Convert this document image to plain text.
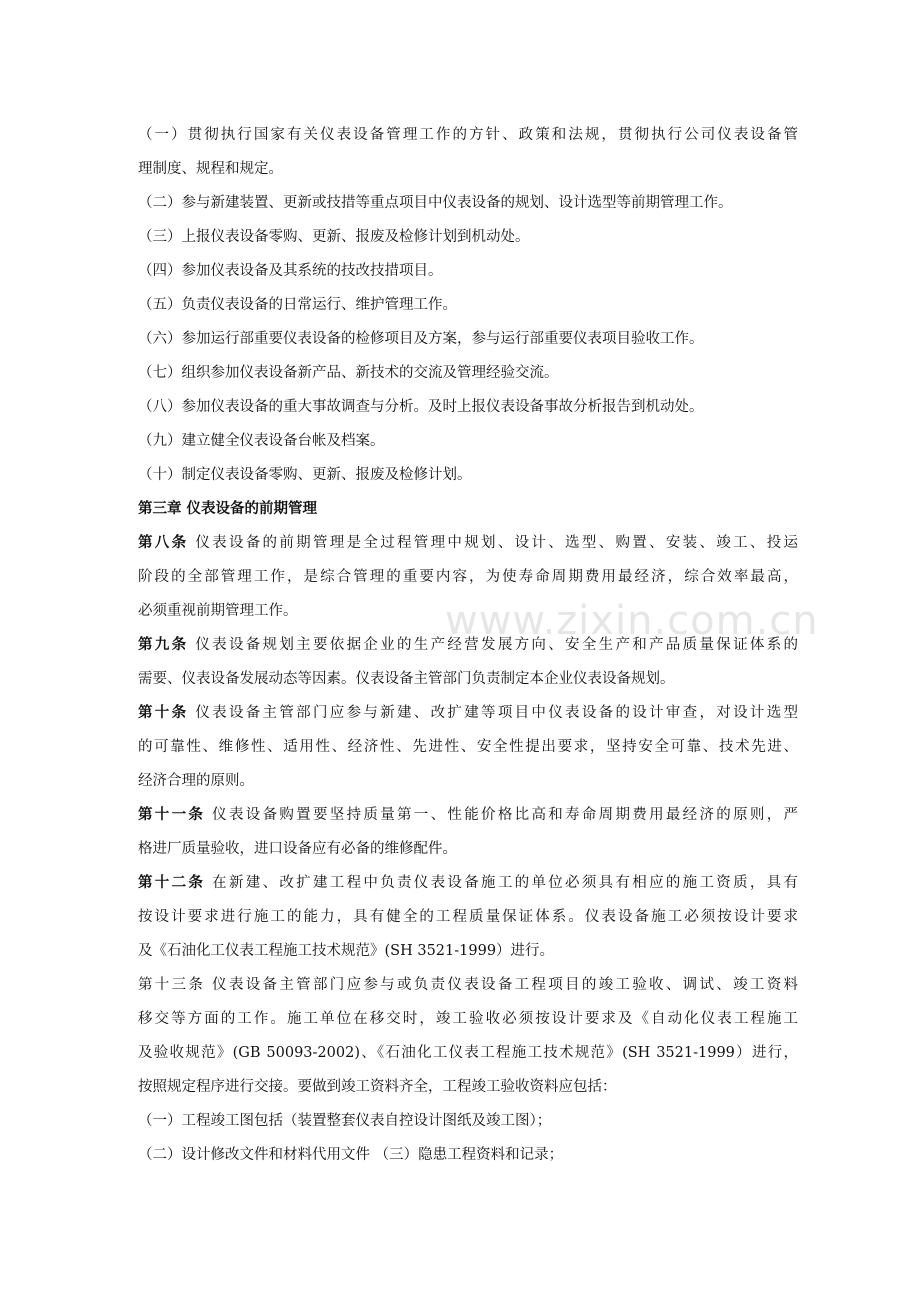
www.zixin.com.cn
（一）贯彻执行国家有关仪表设备管理工作的方针、政策和法规，贯彻执行公司仪表设备管
理制度、规程和规定。
（二）参与新建装置、更新或技措等重点项目中仪表设备的规划、设计选型等前期管理工作。
（三）上报仪表设备零购、更新、报废及检修计划到机动处。
（四）参加仪表设备及其系统的技改技措项目。
（五）负责仪表设备的日常运行、维护管理工作。
（六）参加运行部重要仪表设备的检修项目及方案，参与运行部重要仪表项目验收工作。
（七）组织参加仪表设备新产品、新技术的交流及管理经验交流。
（八）参加仪表设备的重大事故调查与分析。及时上报仪表设备事故分析报告到机动处。
（九）建立健全仪表设备台帐及档案。
（十）制定仪表设备零购、更新、报废及检修计划。
第三章 仪表设备的前期管理
第八条 仪表设备的前期管理是全过程管理中规划、设计、选型、购置、安装、竣工、投运
阶段的全部管理工作，是综合管理的重要内容，为使寿命周期费用最经济，综合效率最高，
必须重视前期管理工作。
第九条 仪表设备规划主要依据企业的生产经营发展方向、安全生产和产品质量保证体系的
需要、仪表设备发展动态等因素。仪表设备主管部门负责制定本企业仪表设备规划。
第十条 仪表设备主管部门应参与新建、改扩建等项目中仪表设备的设计审查，对设计选型
的可靠性、维修性、适用性、经济性、先进性、安全性提出要求，坚持安全可靠、技术先进、
经济合理的原则。
第十一条 仪表设备购置要坚持质量第一、性能价格比高和寿命周期费用最经济的原则，严
格进厂质量验收，进口设备应有必备的维修配件。
第十二条 在新建、改扩建工程中负责仪表设备施工的单位必须具有相应的施工资质，具有
按设计要求进行施工的能力，具有健全的工程质量保证体系。仪表设备施工必须按设计要求
及《石油化工仪表工程施工技术规范》(SH 3521-1999）进行。
第十三条 仪表设备主管部门应参与或负责仪表设备工程项目的竣工验收、调试、竣工资料
移交等方面的工作。施工单位在移交时，竣工验收必须按设计要求及《自动化仪表工程施工
及验收规范》(GB 50093-2002)、《石油化工仪表工程施工技术规范》(SH 3521-1999）进行，
按照规定程序进行交接。要做到竣工资料齐全，工程竣工验收资料应包括：
（一）工程竣工图包括（装置整套仪表自控设计图纸及竣工图）；
（二）设计修改文件和材料代用文件 （三）隐患工程资料和记录；
